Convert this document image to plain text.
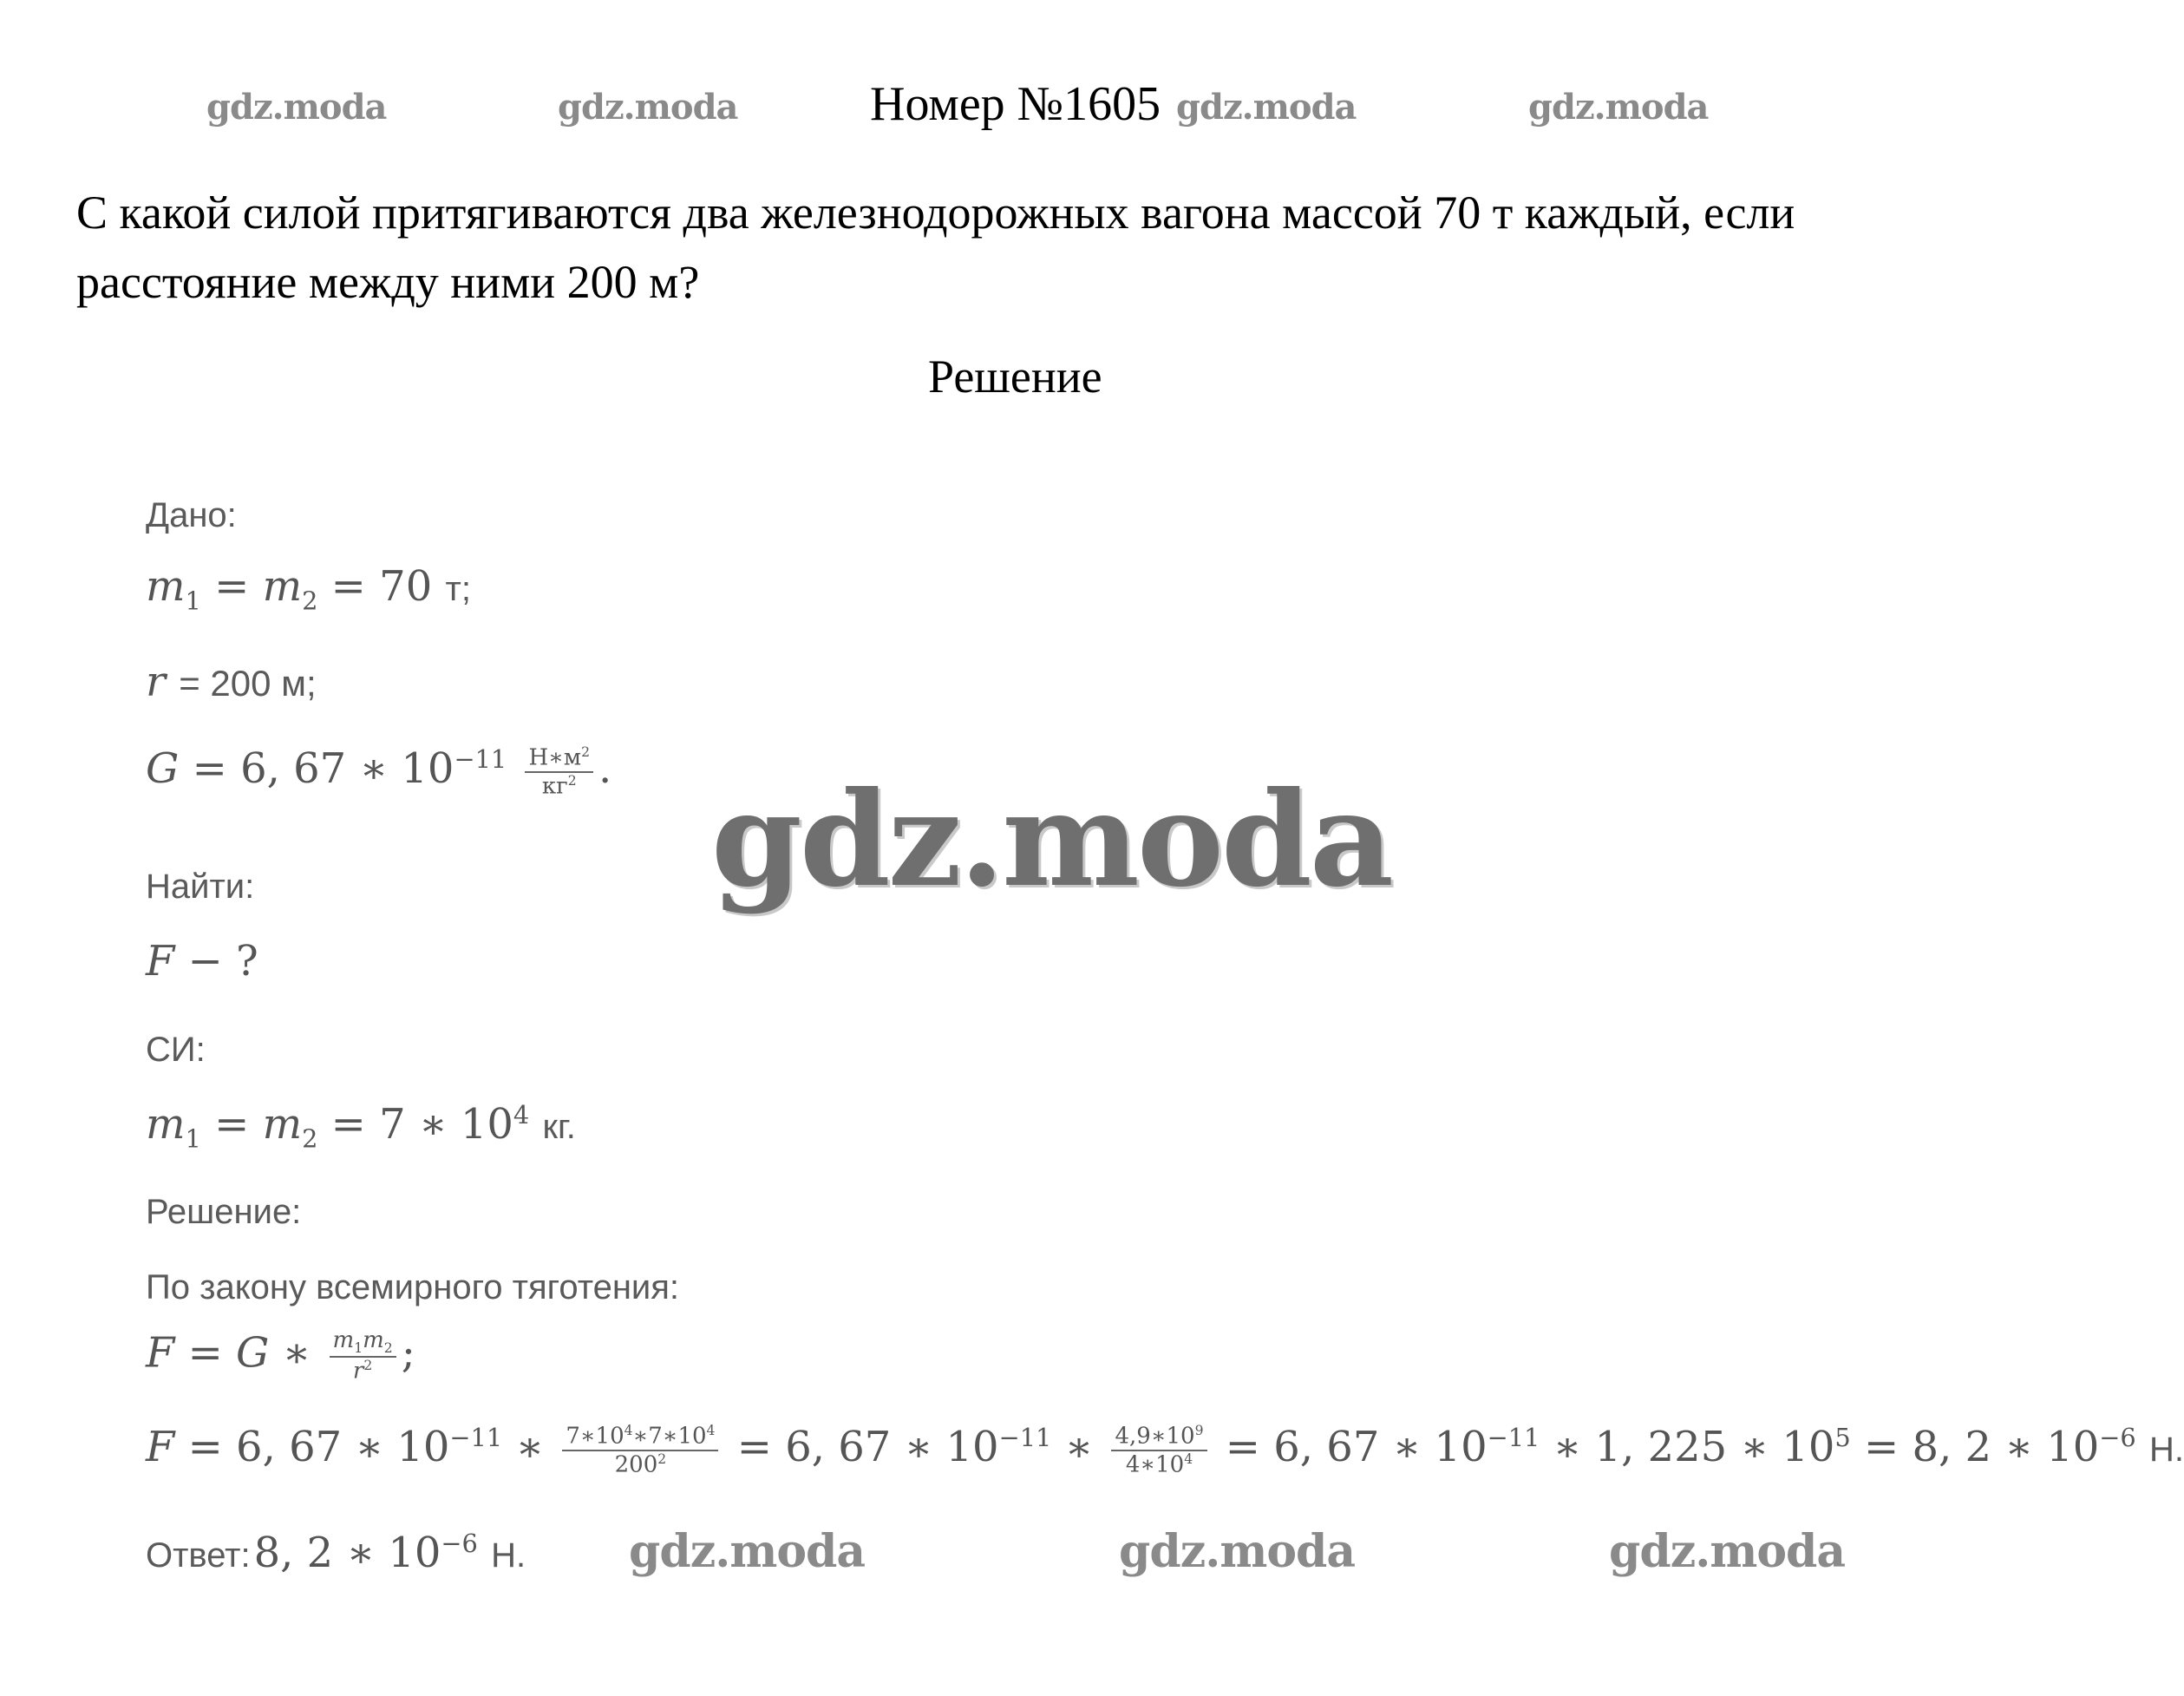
gdz.moda	gdz.moda	gdz.moda	gdz.moda
Номер №1605
С какой силой притягиваются два железнодорожных вагона массой 70 т каждый, если расстояние между ними 200 м?
Решение
Дано:
$m_1 = m_2 = 70$ т;
r = 200 м;
G = 6, 67 ∗ $10^{-11} \frac{Н∗м^2}{кг^2}$ .
Найти:
F − ?
СИ:
$m_1 = m_2 = 7$ ∗ $10^4$ кг.
Решение:
По закону всемирного тяготения:
F = G ∗ $\frac{m_1m_2}{r^2}$ ;
F = 6, 67 ∗ $10^{-11}$ ∗ $\frac{7∗10^4∗7∗10^4}{200^2} = 6$, 67 ∗ $10^{-11}$ ∗ $\frac{4,9∗10^9}{4∗10^4} = 6$, 67 ∗ $10^{-11}$ ∗ 1, 225 ∗ $10^5 = 8$, 2 ∗ $10^{-6}$ Н.
Ответ: 8, 2 ∗ $10^{-6}$ Н. gdz.moda	gdz.moda	gdz.moda
gdz.moda
